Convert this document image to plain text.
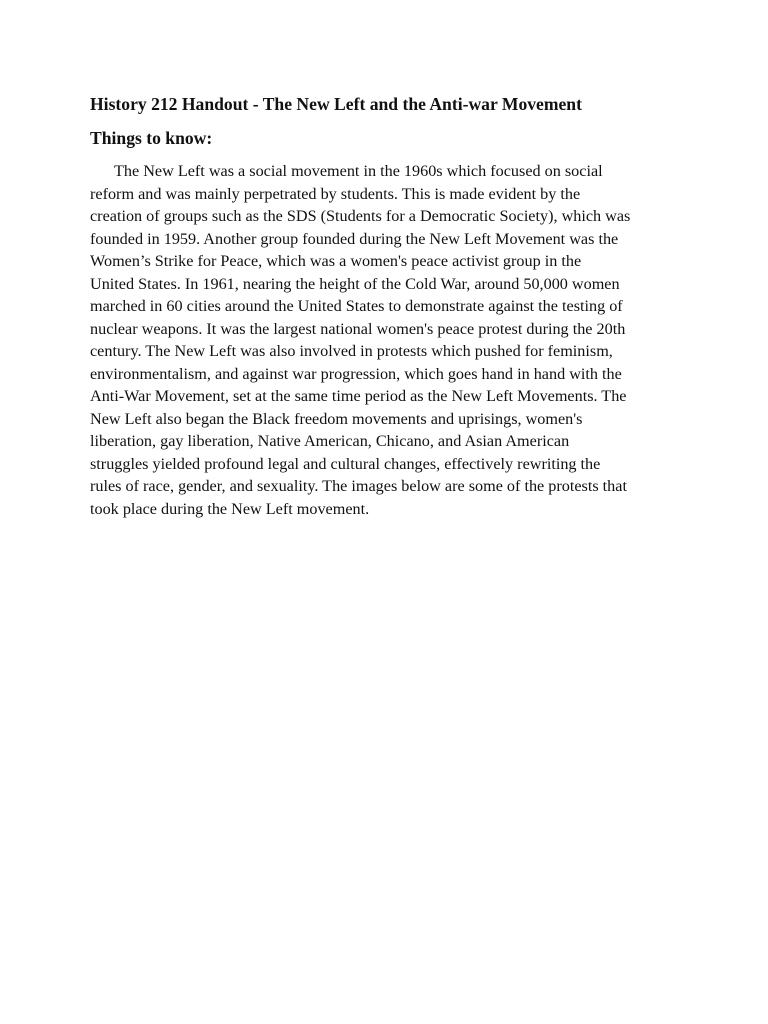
History 212 Handout - The New Left and the Anti-war Movement
Things to know:

The New Left was a social movement in the 1960s which focused on social
reform and was mainly perpetrated by students. This is made evident by the
creation of groups such as the SDS (Students for a Democratic Society), which was
founded in 1959. Another group founded during the New Left Movement was the
Women’s Strike for Peace, which was a women's peace activist group in the
United States. In 1961, nearing the height of the Cold War, around 50,000 women
marched in 60 cities around the United States to demonstrate against the testing of
nuclear weapons. It was the largest national women's peace protest during the 20th
century. The New Left was also involved in protests which pushed for feminism,
environmentalism, and against war progression, which goes hand in hand with the
Anti-War Movement, set at the same time period as the New Left Movements. The
New Left also began the Black freedom movements and uprisings, women's
liberation, gay liberation, Native American, Chicano, and Asian American
struggles yielded profound legal and cultural changes, effectively rewriting the
rules of race, gender, and sexuality. The images below are some of the protests that
took place during the New Left movement.
